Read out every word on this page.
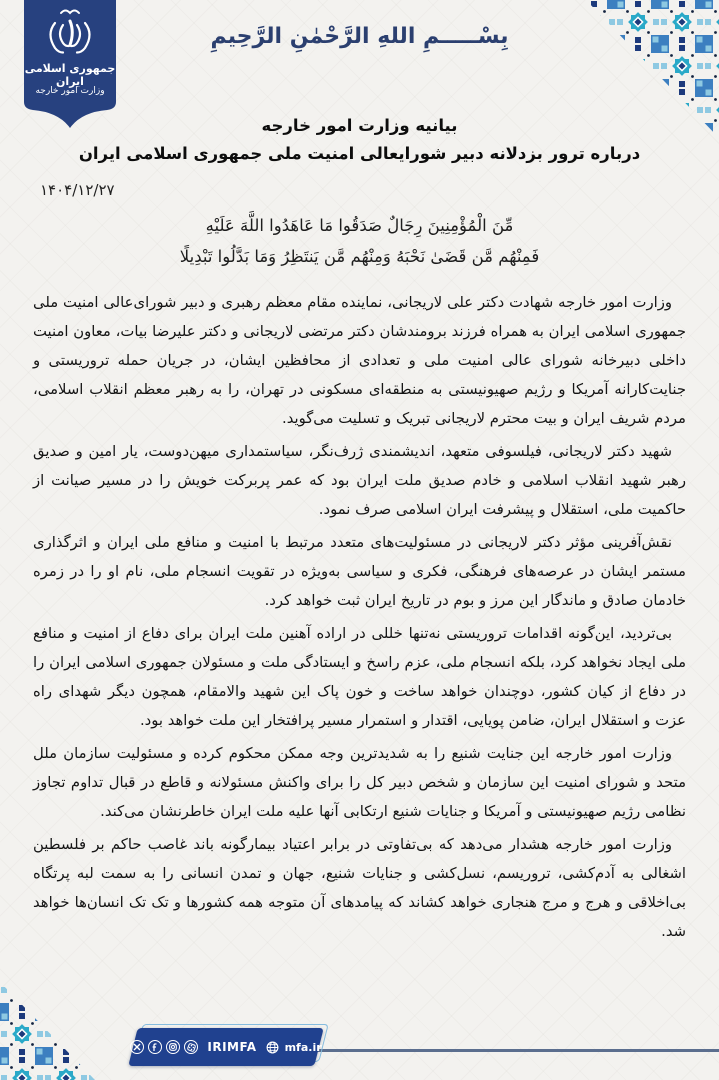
جمهوری اسلامی ایران
وزارت امور خارجه
بِسْـــــمِ اللهِ الرَّحْمٰنِ الرَّحِيمِ
بیانیه وزارت امور خارجه
درباره ترور بزدلانه دبیر شورایعالی امنیت ملی جمهوری اسلامی ایران
۱۴۰۴/۱۲/۲۷
مِّنَ الْمُؤْمِنِينَ رِجَالٌ صَدَقُوا مَا عَاهَدُوا اللَّهَ عَلَيْهِ
فَمِنْهُم مَّن قَضَىٰ نَحْبَهُ وَمِنْهُم مَّن يَنتَظِرُ وَمَا بَدَّلُوا تَبْدِيلًا

وزارت امور خارجه شهادت دکتر علی لاریجانی، نماینده مقام معظم رهبری و دبیر شورای‌عالی امنیت ملی جمهوری اسلامی ایران به همراه فرزند برومندشان دکتر مرتضی لاریجانی و دکتر علیرضا بیات، معاون امنیت داخلی دبیرخانه شورای عالی امنیت ملی و تعدادی از محافظین ایشان، در جریان حمله تروریستی و جنایت‌کارانه آمریکا و رژیم صهیونیستی به منطقه‌ای مسکونی در تهران، را به رهبر معظم انقلاب اسلامی، مردم شریف ایران و بیت محترم لاریجانی تبریک و تسلیت می‌گوید.

شهید دکتر لاریجانی، فیلسوفی متعهد، اندیشمندی ژرف‌نگر، سیاستمداری میهن‌دوست، یار امین و صدیق رهبر شهید انقلاب اسلامی و خادم صدیق ملت ایران بود که عمر پربرکت خویش را در مسیر صیانت از حاکمیت ملی، استقلال و پیشرفت ایران اسلامی صرف نمود.

نقش‌آفرینی مؤثر دکتر لاریجانی در مسئولیت‌های متعدد مرتبط با امنیت و منافع ملی ایران و اثرگذاری مستمر ایشان در عرصه‌های فرهنگی، فکری و سیاسی به‌ویژه در تقویت انسجام ملی، نام او را در زمره خادمان صادق و ماندگار این مرز و بوم در تاریخ ایران ثبت خواهد کرد.

بی‌تردید، این‌گونه اقدامات تروریستی نه‌تنها خللی در اراده آهنین ملت ایران برای دفاع از امنیت و منافع ملی ایجاد نخواهد کرد، بلکه انسجام ملی، عزم راسخ و ایستادگی ملت و مسئولان جمهوری اسلامی ایران را در دفاع از کیان کشور، دوچندان خواهد ساخت و خون پاک این شهید والامقام، همچون دیگر شهدای راه عزت و استقلال ایران، ضامن پویایی، اقتدار و استمرار مسیر پرافتخار این ملت خواهد بود.

وزارت امور خارجه این جنایت شنیع را به شدیدترین وجه ممکن محکوم کرده و مسئولیت سازمان ملل متحد و شورای امنیت این سازمان و شخص دبیر کل را برای واکنش مسئولانه و قاطع در قبال تداوم تجاوز نظامی رژیم صهیونیستی و آمریکا و جنایات شنیع ارتکابی آنها علیه ملت ایران خاطرنشان می‌کند.

وزارت امور خارجه هشدار می‌دهد که بی‌تفاوتی در برابر اعتیاد بیمارگونه باند غاصب حاکم بر فلسطین اشغالی به آدم‌کشی، تروریسم، نسل‌کشی و جنایات شنیع، جهان و تمدن انسانی را به سمت لبه پرتگاه بی‌اخلاقی و هرج و مرج هنجاری خواهد کشاند که پیامدهای آن متوجه همه کشورها و تک تک انسان‌ها خواهد شد.

IRIMFA	mfa.ir
